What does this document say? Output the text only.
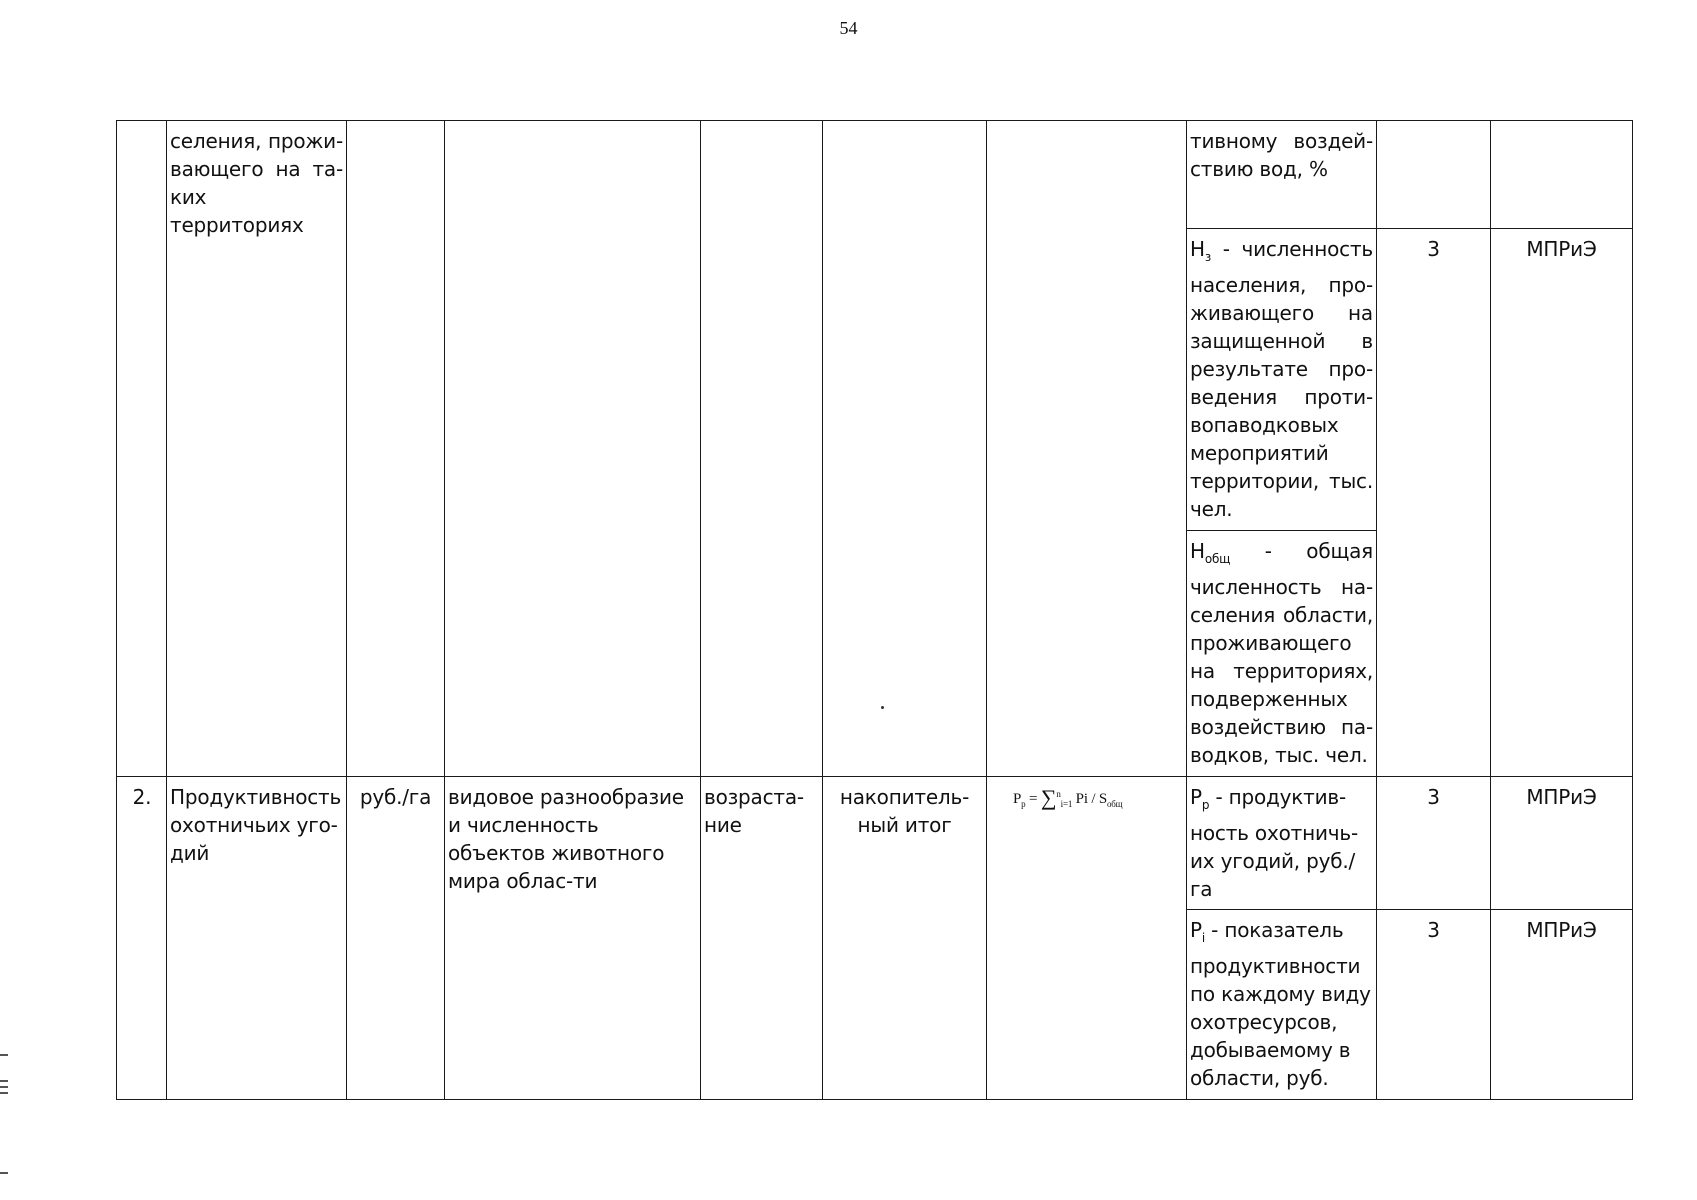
54
	селения, прожи-вающего на та-ких территориях						тивному воздей-ствию вод, %		
							$Н_з$ - численность населения, про-живающего на защищенной в результате про-ведения проти-вопаводковых мероприятий территории, тыс. чел.	3	МПРиЭ
							$Н_{общ}$ - общая численность на-селения области, проживающего на территориях, подверженных воздействию па-водков, тыс. чел.		
2.	Продуктивность охотничьих уго-дий	руб./га	видовое разнообразие и численность объектов животного мира облас-ти	возраста-ние	накопитель-ный итог	$P_р = \sum^n_{i=1}$ Pi / $S_{общ}$	$P_р$ - продуктив-ность охотничь-их угодий, руб./га	3	МПРиЭ
							$P_i$ - показатель продуктивности по каждому виду охотресурсов, добываемому в области, руб.	3	МПРиЭ
